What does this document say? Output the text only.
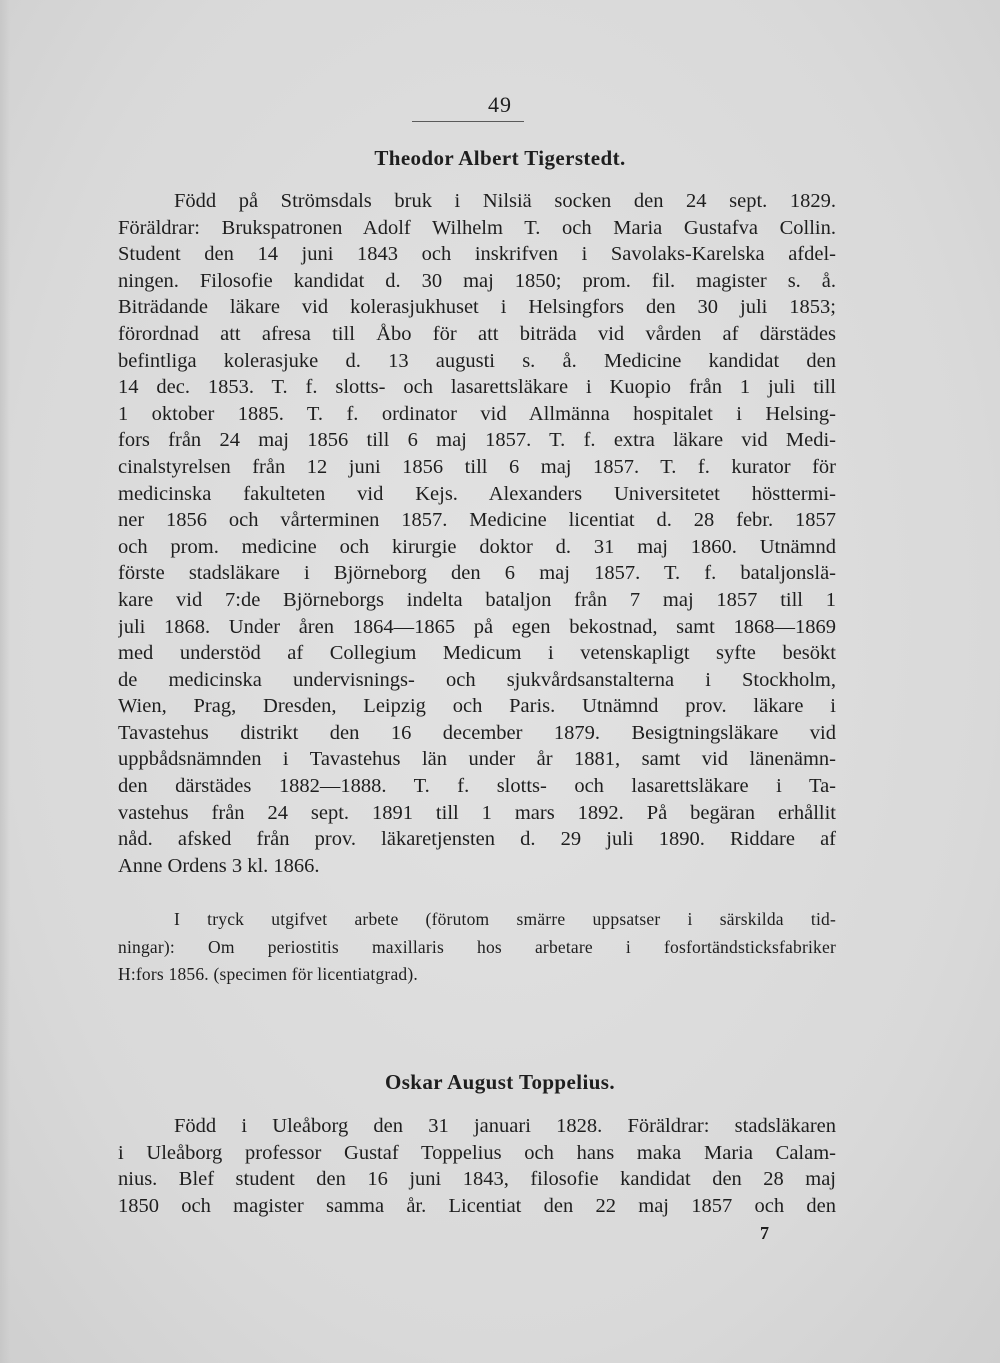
49
Theodor Albert Tigerstedt.
Född på Strömsdals bruk i Nilsiä socken den 24 sept. 1829.
Föräldrar: Brukspatronen Adolf Wilhelm T. och Maria Gustafva Collin.
Student den 14 juni 1843 och inskrifven i Savolaks-Karelska afdel-
ningen. Filosofie kandidat d. 30 maj 1850; prom. fil. magister s. å.
Biträdande läkare vid kolerasjukhuset i Helsingfors den 30 juli 1853;
förordnad att afresa till Åbo för att biträda vid vården af därstädes
befintliga kolerasjuke d. 13 augusti s. å. Medicine kandidat den
14 dec. 1853. T. f. slotts- och lasarettsläkare i Kuopio från 1 juli till
1 oktober 1885. T. f. ordinator vid Allmänna hospitalet i Helsing-
fors från 24 maj 1856 till 6 maj 1857. T. f. extra läkare vid Medi-
cinalstyrelsen från 12 juni 1856 till 6 maj 1857. T. f. kurator för
medicinska fakulteten vid Kejs. Alexanders Universitetet hösttermi-
ner 1856 och vårterminen 1857. Medicine licentiat d. 28 febr. 1857
och prom. medicine och kirurgie doktor d. 31 maj 1860. Utnämnd
förste stadsläkare i Björneborg den 6 maj 1857. T. f. bataljonslä-
kare vid 7:de Björneborgs indelta bataljon från 7 maj 1857 till 1
juli 1868. Under åren 1864—1865 på egen bekostnad, samt 1868—1869
med understöd af Collegium Medicum i vetenskapligt syfte besökt
de medicinska undervisnings- och sjukvårdsanstalterna i Stockholm,
Wien, Prag, Dresden, Leipzig och Paris. Utnämnd prov. läkare i
Tavastehus distrikt den 16 december 1879. Besigtningsläkare vid
uppbådsnämnden i Tavastehus län under år 1881, samt vid länenämn-
den därstädes 1882—1888. T. f. slotts- och lasarettsläkare i Ta-
vastehus från 24 sept. 1891 till 1 mars 1892. På begäran erhållit
nåd. afsked från prov. läkaretjensten d. 29 juli 1890. Riddare af
Anne Ordens 3 kl. 1866.
I tryck utgifvet arbete (förutom smärre uppsatser i särskilda tid-
ningar): Om periostitis maxillaris hos arbetare i fosfortändsticksfabriker
H:fors 1856. (specimen för licentiatgrad).
Oskar August Toppelius.
Född i Uleåborg den 31 januari 1828. Föräldrar: stadsläkaren
i Uleåborg professor Gustaf Toppelius och hans maka Maria Calam-
nius. Blef student den 16 juni 1843, filosofie kandidat den 28 maj
1850 och magister samma år. Licentiat den 22 maj 1857 och den
7
